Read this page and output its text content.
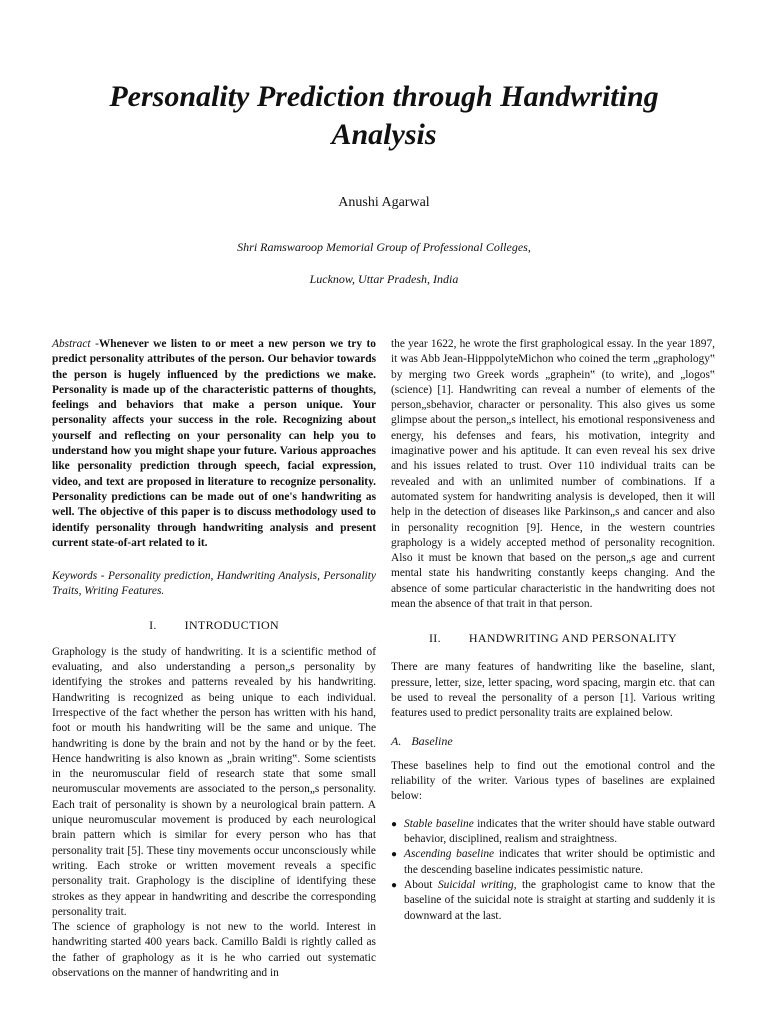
Personality Prediction through Handwriting Analysis
Anushi Agarwal
Shri Ramswaroop Memorial Group of Professional Colleges,
Lucknow, Uttar Pradesh, India

Abstract -Whenever we listen to or meet a new person we try to predict personality attributes of the person. Our behavior towards the person is hugely influenced by the predictions we make. Personality is made up of the characteristic patterns of thoughts, feelings and behaviors that make a person unique. Your personality affects your success in the role. Recognizing about yourself and reflecting on your personality can help you to understand how you might shape your future. Various approaches like personality prediction through speech, facial expression, video, and text are proposed in literature to recognize personality. Personality predictions can be made out of one's handwriting as well. The objective of this paper is to discuss methodology used to identify personality through handwriting analysis and present current state-of-art related to it.

Keywords - Personality prediction, Handwriting Analysis, Personality Traits, Writing Features.

I. INTRODUCTION

Graphology is the study of handwriting. It is a scientific method of evaluating, and also understanding a person„s personality by identifying the strokes and patterns revealed by his handwriting. Handwriting is recognized as being unique to each individual. Irrespective of the fact whether the person has written with his hand, foot or mouth his handwriting will be the same and unique. The handwriting is done by the brain and not by the hand or by the feet. Hence handwriting is also known as „brain writing‟. Some scientists in the neuromuscular field of research state that some small neuromuscular movements are associated to the person„s personality. Each trait of personality is shown by a neurological brain pattern. A unique neuromuscular movement is produced by each neurological brain pattern which is similar for every person who has that personality trait [5]. These tiny movements occur unconsciously while writing. Each stroke or written movement reveals a specific personality trait. Graphology is the discipline of identifying these strokes as they appear in handwriting and describe the corresponding personality trait.

The science of graphology is not new to the world. Interest in handwriting started 400 years back. Camillo Baldi is rightly called as the father of graphology as it is he who carried out systematic observations on the manner of handwriting and in

the year 1622, he wrote the first graphological essay. In the year 1897, it was Abb Jean-HipppolyteMichon who coined the term „graphology‟ by merging two Greek words „graphein‟ (to write), and „logos‟ (science) [1]. Handwriting can reveal a number of elements of the person„sbehavior, character or personality. This also gives us some glimpse about the person„s intellect, his emotional responsiveness and energy, his defenses and fears, his motivation, integrity and imaginative power and his aptitude. It can even reveal his sex drive and his issues related to trust. Over 110 individual traits can be revealed and with an unlimited number of combinations. If a automated system for handwriting analysis is developed, then it will help in the detection of diseases like Parkinson„s and cancer and also in personality recognition [9]. Hence, in the western countries graphology is a widely accepted method of personality recognition. Also it must be known that based on the person„s age and current mental state his handwriting constantly keeps changing. And the absence of some particular characteristic in the handwriting does not mean the absence of that trait in that person.

II. HANDWRITING AND PERSONALITY

There are many features of handwriting like the baseline, slant, pressure, letter, size, letter spacing, word spacing, margin etc. that can be used to reveal the personality of a person [1]. Various writing features used to predict personality traits are explained below.

A. Baseline

These baselines help to find out the emotional control and the reliability of the writer. Various types of baselines are explained below:

● Stable baseline indicates that the writer should have stable outward behavior, disciplined, realism and straightness.
● Ascending baseline indicates that writer should be optimistic and the descending baseline indicates pessimistic nature.
● About Suicidal writing, the graphologist came to know that the baseline of the suicidal note is straight at starting and suddenly it is downward at the last.
